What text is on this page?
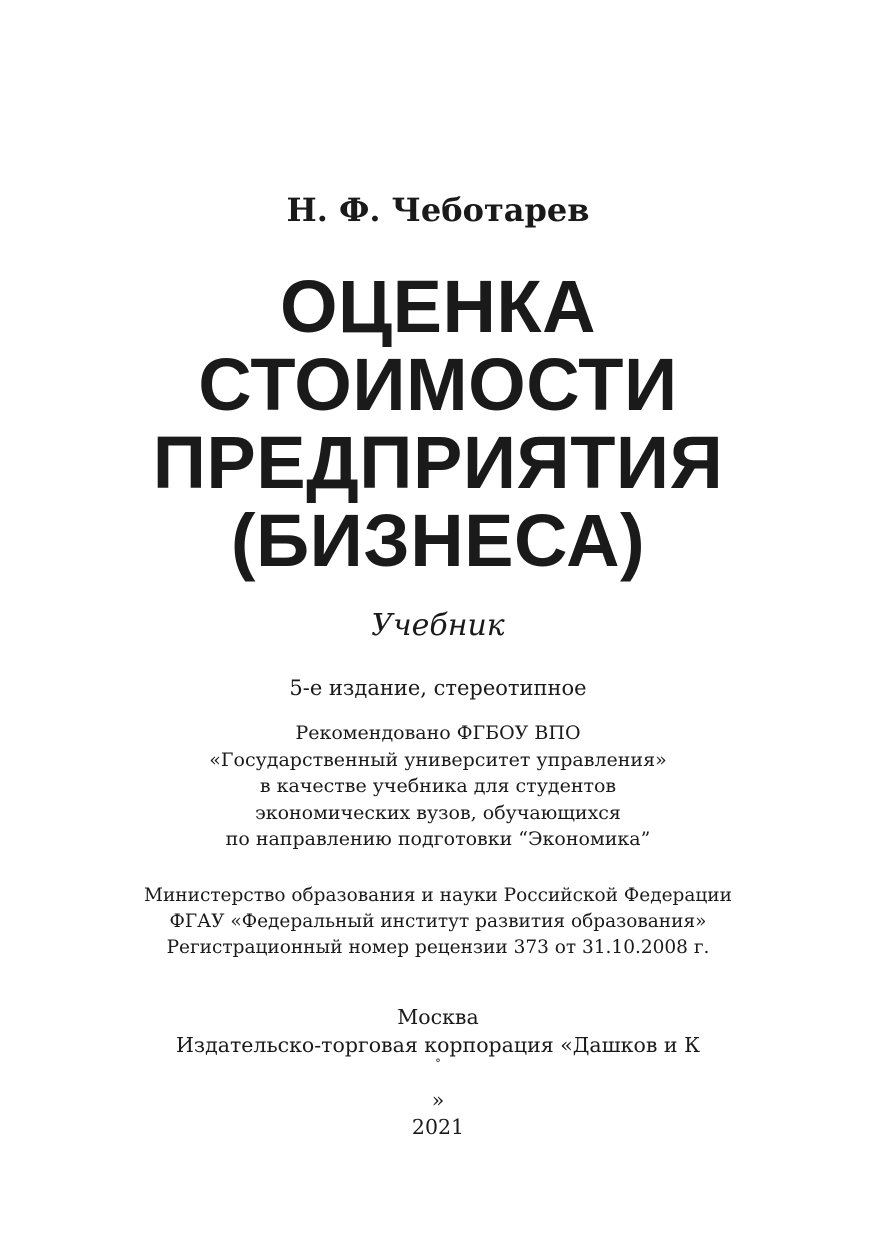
Н. Ф. Чеботарев

ОЦЕНКА
СТОИМОСТИ
ПРЕДПРИЯТИЯ
(БИЗНЕСА)

Учебник

5-е издание, стереотипное

Рекомендовано ФГБОУ ВПО
«Государственный университет управления»
в качестве учебника для студентов
экономических вузов, обучающихся
по направлению подготовки “Экономика”
Министерство образования и науки Российской Федерации
ФГАУ «Федеральный институт развития образования»
Регистрационный номер рецензии 373 от 31.10.2008 г.
Москва
Издательско-торговая корпорация «Дашков и К
°
»
2021
